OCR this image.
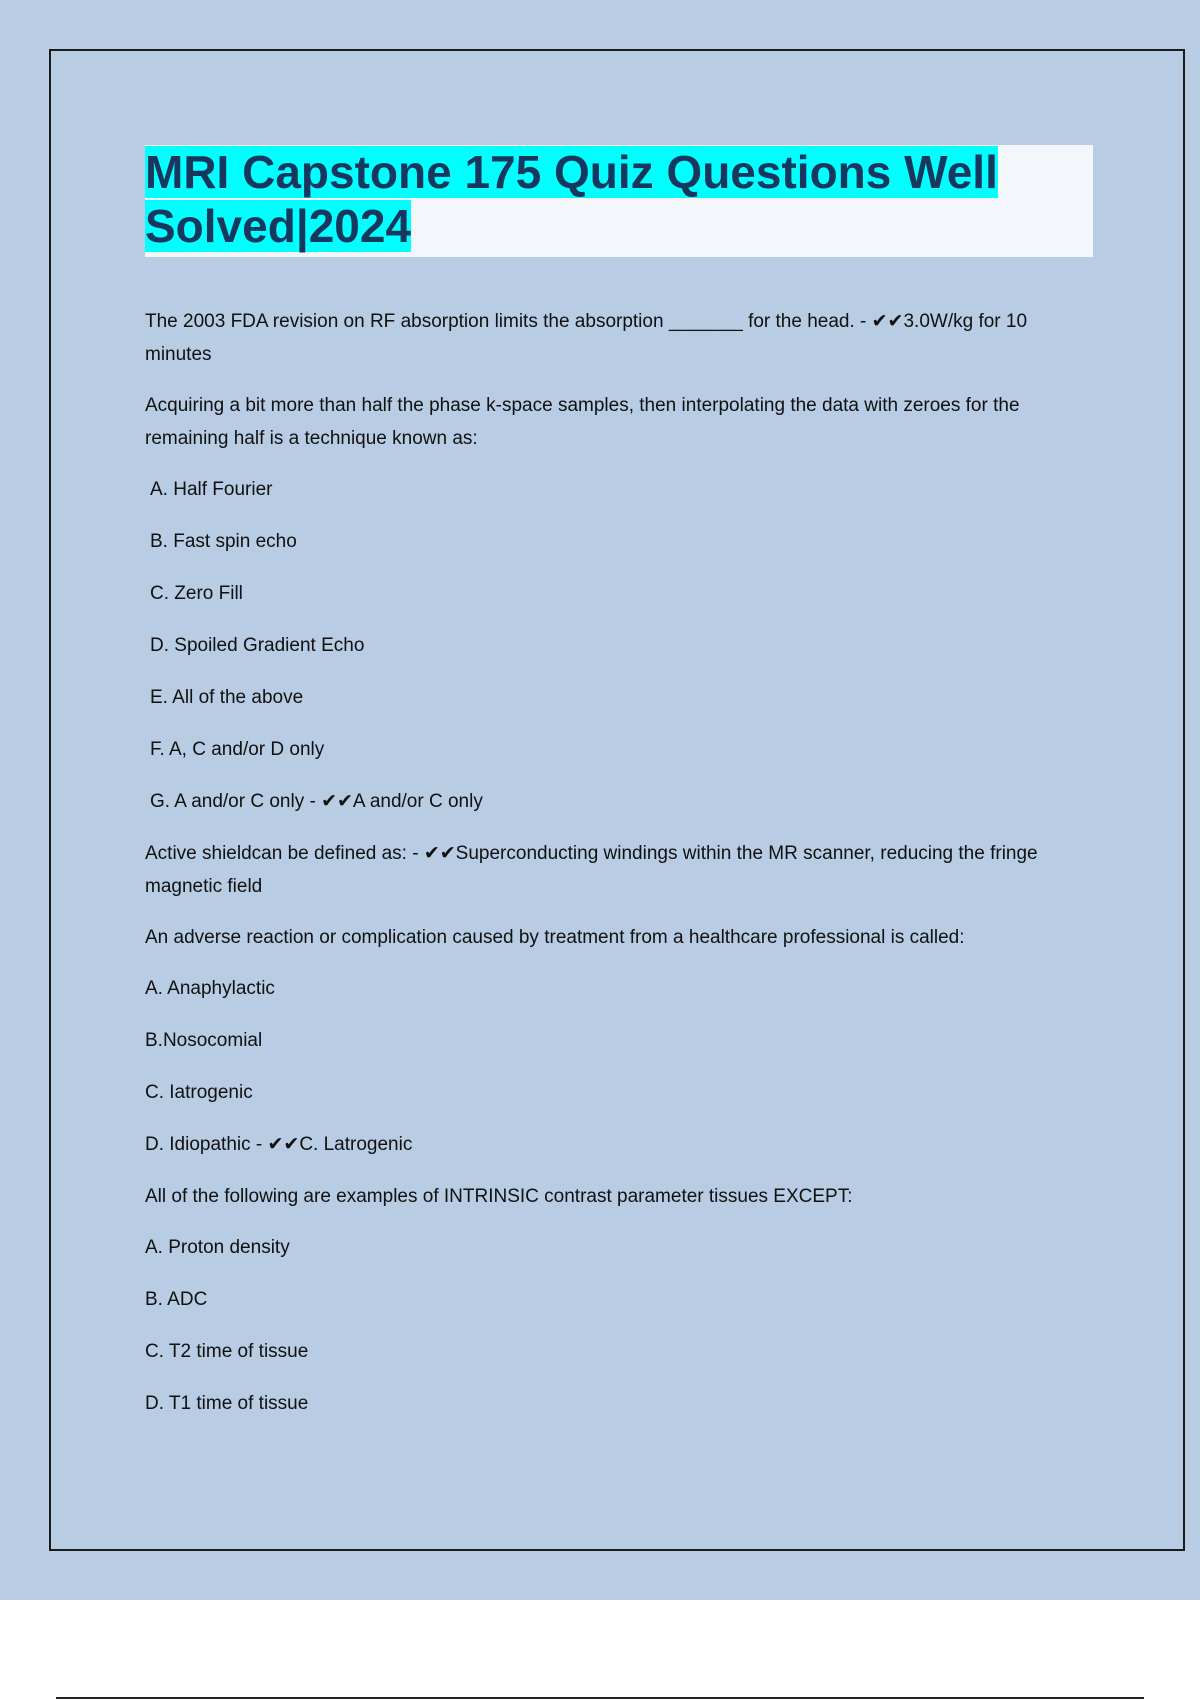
MRI Capstone 175 Quiz Questions Well
Solved|2024

The 2003 FDA revision on RF absorption limits the absorption _______ for the head. - ✔✔3.0W/kg for 10 minutes

Acquiring a bit more than half the phase k-space samples, then interpolating the data with zeroes for the remaining half is a technique known as:

A. Half Fourier
B. Fast spin echo
C. Zero Fill
D. Spoiled Gradient Echo
E. All of the above
F. A, C and/or D only
G. A and/or C only - ✔✔A and/or C only

Active shieldcan be defined as: - ✔✔Superconducting windings within the MR scanner, reducing the fringe magnetic field

An adverse reaction or complication caused by treatment from a healthcare professional is called:

A. Anaphylactic
B.Nosocomial
C. Iatrogenic
D. Idiopathic - ✔✔C. Latrogenic

All of the following are examples of INTRINSIC contrast parameter tissues EXCEPT:

A. Proton density
B. ADC
C. T2 time of tissue
D. T1 time of tissue
